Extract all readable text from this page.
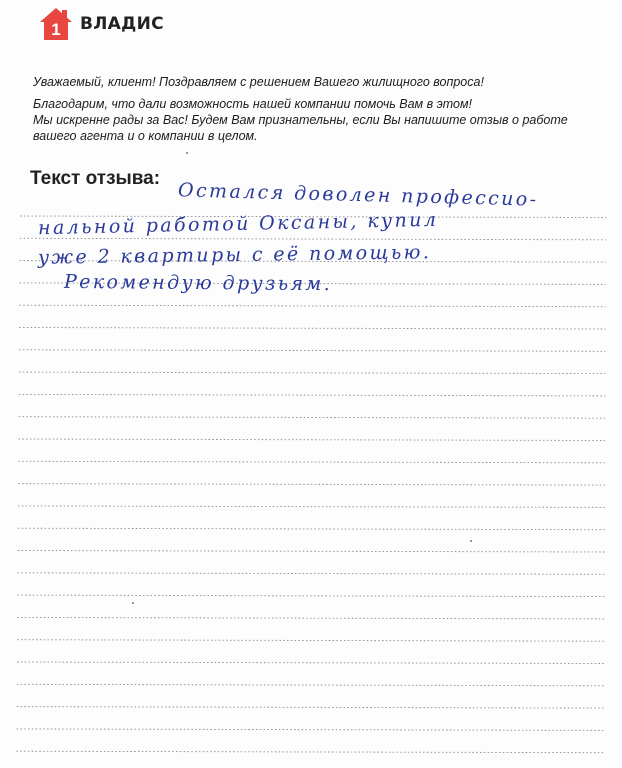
1 ВЛАДИС

Уважаемый, клиент! Поздравляем с решением Вашего жилищного вопроса!

Благодарим, что дали возможность нашей компании помочь Вам в этом!

Мы искренне рады за Вас! Будем Вам признательны, если Вы напишите отзыв о работе

вашего агента и о компании в целом.

Текст отзыва:
Остался доволен профессио-
нальной работой Оксаны, купил
уже 2 квартиры с её помощью.
Рекомендую друзьям.
